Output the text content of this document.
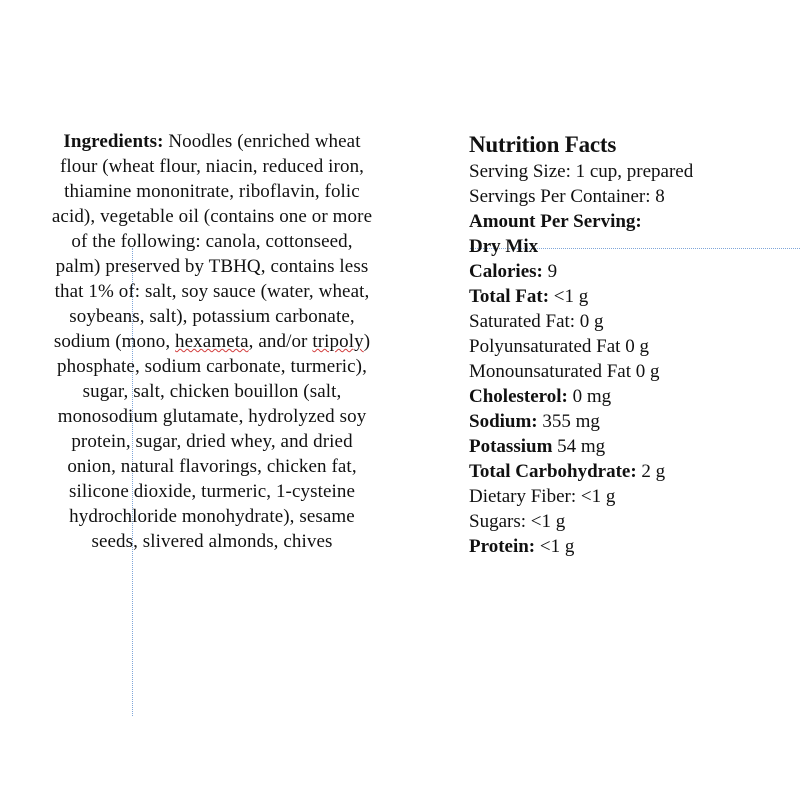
Ingredients: Noodles (enriched wheat flour (wheat flour, niacin, reduced iron, thiamine mononitrate, riboflavin, folic acid), vegetable oil (contains one or more of the following: canola, cottonseed, palm) preserved by TBHQ, contains less that 1% of: salt, soy sauce (water, wheat, soybeans, salt), potassium carbonate, sodium (mono, hexameta, and/or tripoly) phosphate, sodium carbonate, turmeric), sugar, salt, chicken bouillon (salt, monosodium glutamate, hydrolyzed soy protein, sugar, dried whey, and dried onion, natural flavorings, chicken fat, silicone dioxide, turmeric, 1-cysteine hydrochloride monohydrate), sesame seeds, slivered almonds, chives
Nutrition Facts
Serving Size: 1 cup, prepared
Servings Per Container: 8
Amount Per Serving:
Dry Mix
Calories: 9
Total Fat: <1 g
Saturated Fat: 0 g
Polyunsaturated Fat 0 g
Monounsaturated Fat 0 g
Cholesterol: 0 mg
Sodium: 355 mg
Potassium 54 mg
Total Carbohydrate: 2 g
Dietary Fiber: <1 g
Sugars: <1 g
Protein: <1 g
